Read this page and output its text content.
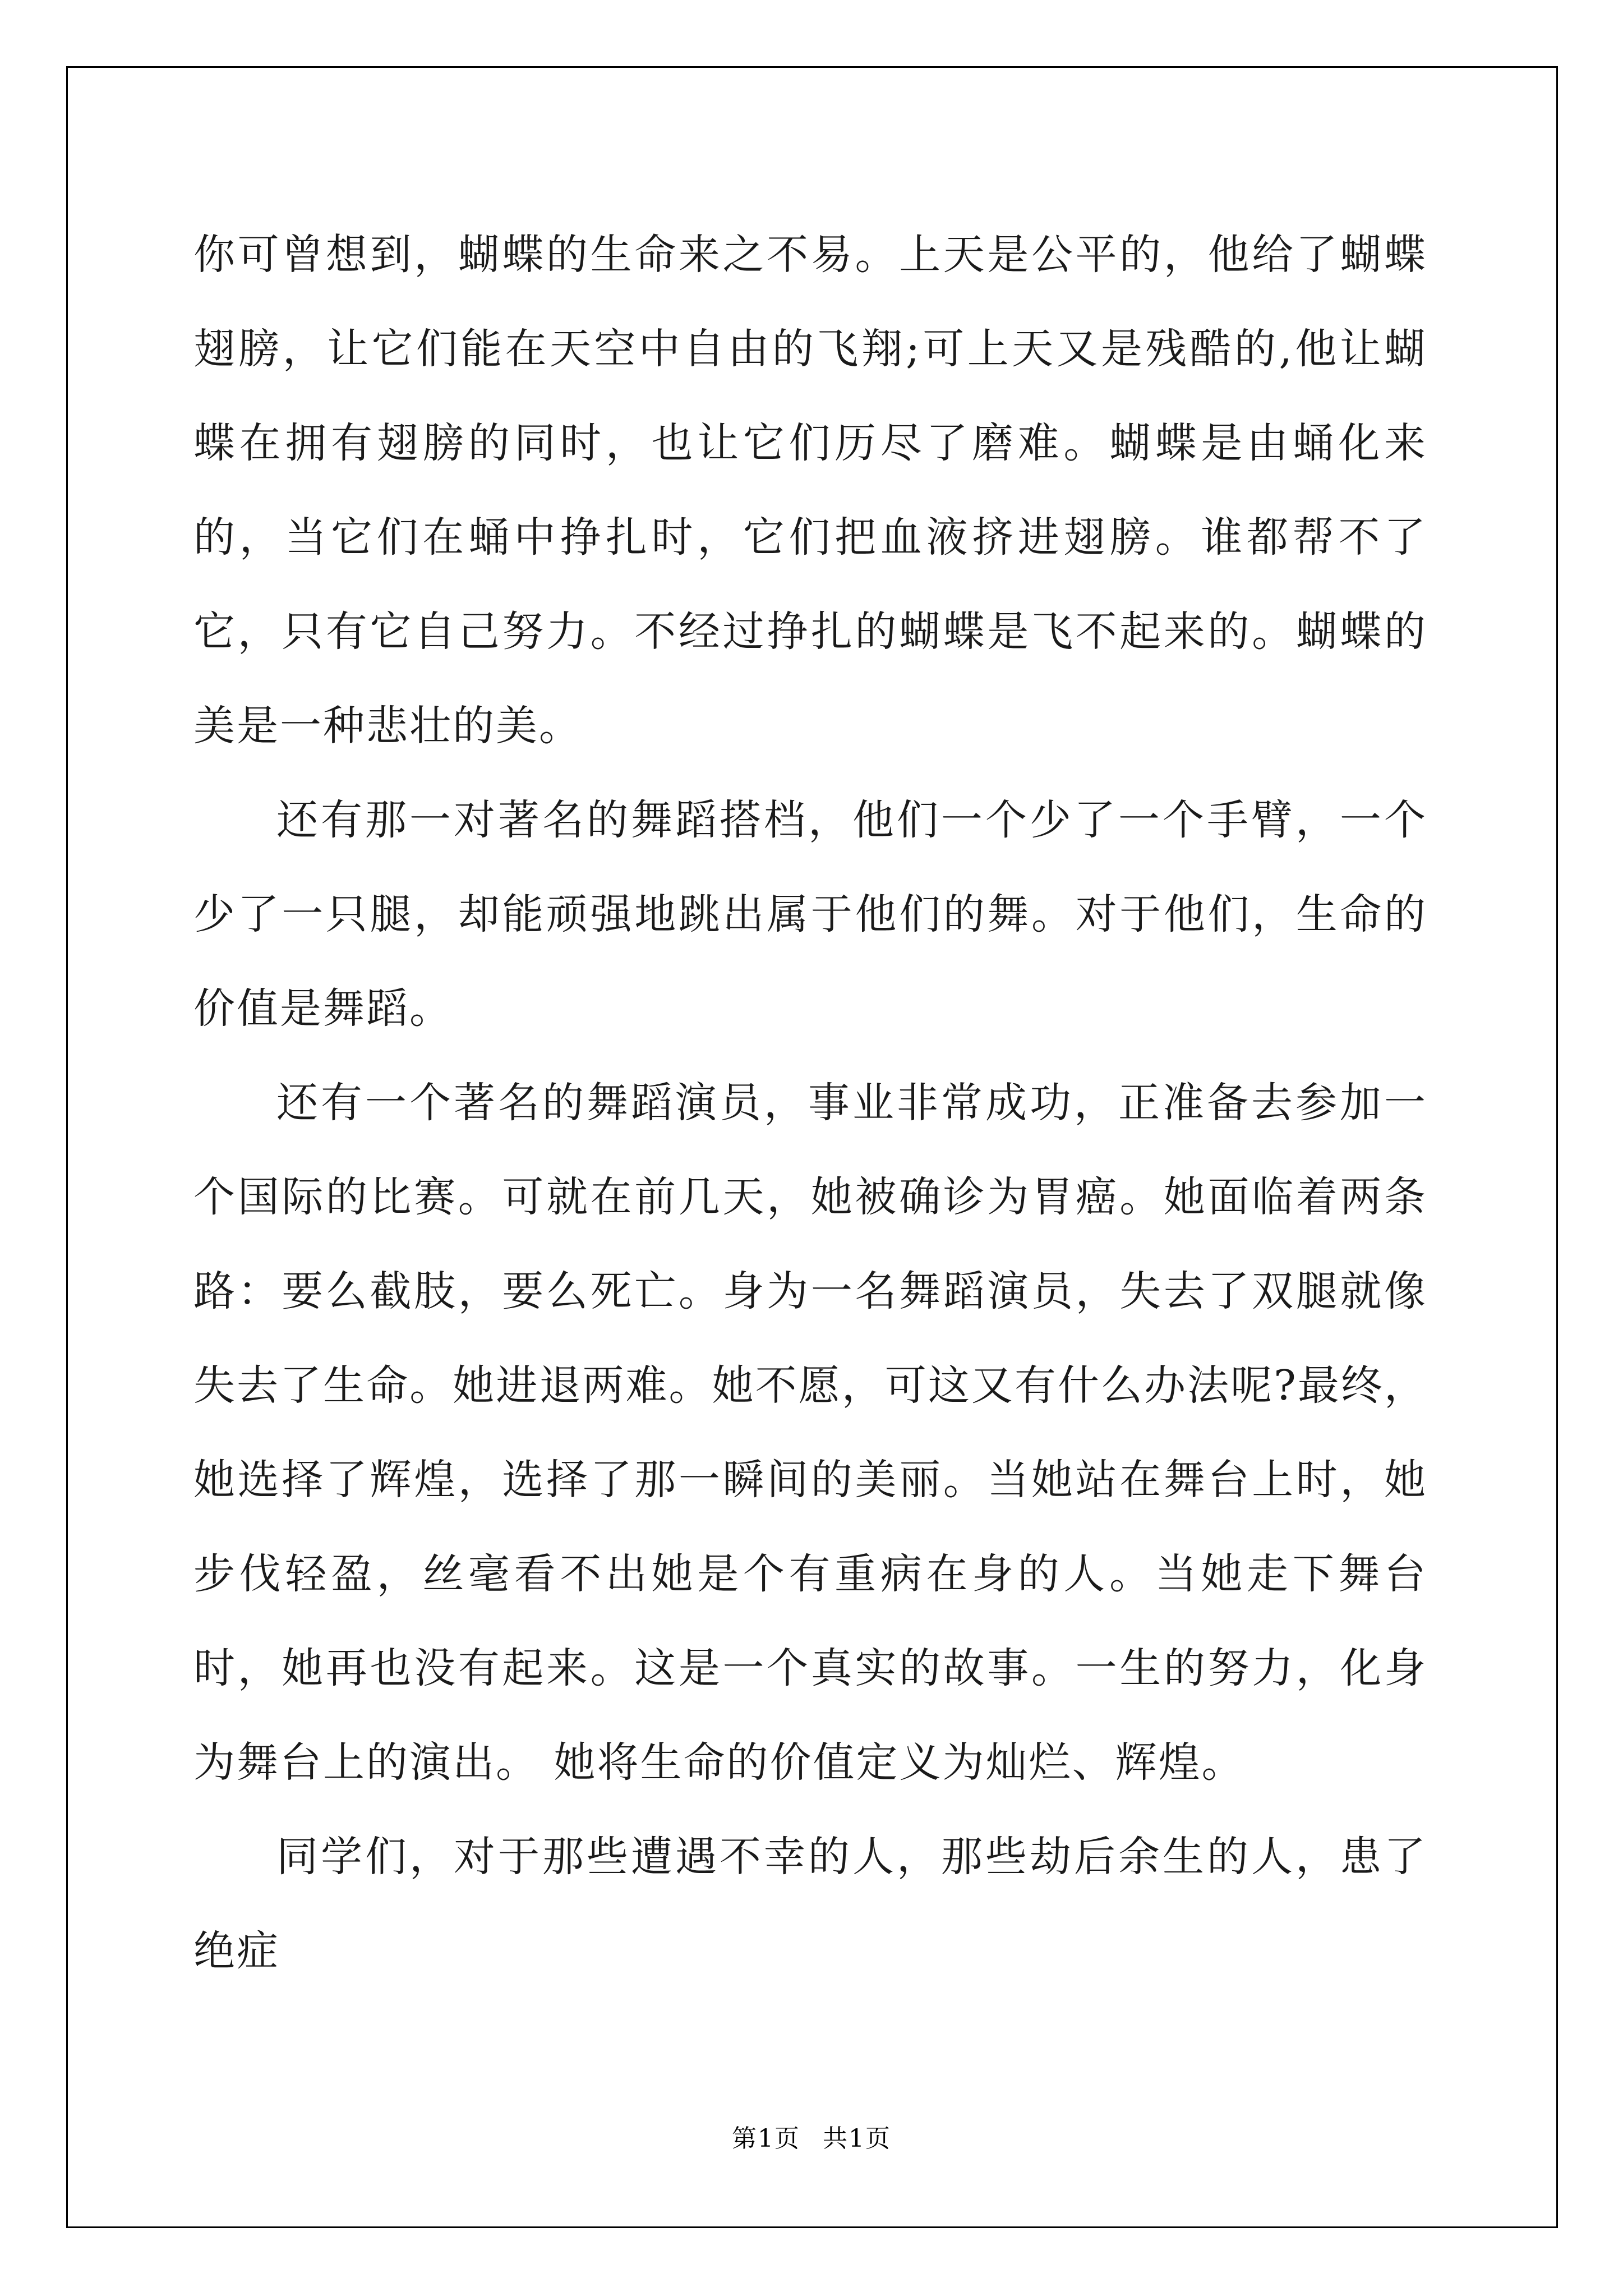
你可曾想到，蝴蝶的生命来之不易。上天是公平的，他给了蝴蝶翅膀，让它们能在天空中自由的飞翔;可上天又是残酷的,他让蝴蝶在拥有翅膀的同时，也让它们历尽了磨难。蝴蝶是由蛹化来的，当它们在蛹中挣扎时，它们把血液挤进翅膀。谁都帮不了它，只有它自己努力。不经过挣扎的蝴蝶是飞不起来的。蝴蝶的美是一种悲壮的美。

还有那一对著名的舞蹈搭档，他们一个少了一个手臂，一个少了一只腿，却能顽强地跳出属于他们的舞。对于他们，生命的价值是舞蹈。

还有一个著名的舞蹈演员，事业非常成功，正准备去参加一个国际的比赛。可就在前几天，她被确诊为胃癌。她面临着两条路：要么截肢，要么死亡。身为一名舞蹈演员，失去了双腿就像失去了生命。她进退两难。她不愿，可这又有什么办法呢?最终，她选择了辉煌，选择了那一瞬间的美丽。当她站在舞台上时，她步伐轻盈，丝毫看不出她是个有重病在身的人。当她走下舞台时，她再也没有起来。这是一个真实的故事。一生的努力，化身为舞台上的演出。 她将生命的价值定义为灿烂、辉煌。

同学们，对于那些遭遇不幸的人，那些劫后余生的人，患了绝症

第1页 共1页
